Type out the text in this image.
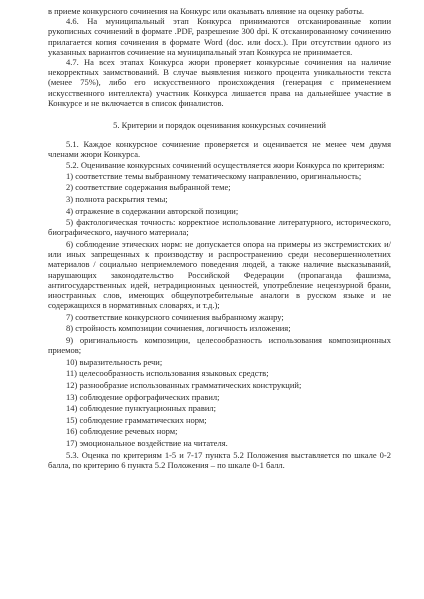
в приеме конкурсного сочинения на Конкурс или оказывать влияние на оценку работы.

4.6. На муниципальный этап Конкурса принимаются отсканированные копии рукописных сочинений в формате .PDF, разрешение 300 dpi. К отсканированному сочинению прилагается копия сочинения в формате Word (doc. или docx.). При отсутствии одного из указанных вариантов сочинение на муниципальный этап Конкурса не принимается.

4.7. На всех этапах Конкурса жюри проверяет конкурсные сочинения на наличие некорректных заимствований. В случае выявления низкого процента уникальности текста (менее 75%), либо его искусственного происхождения (генерация с применением искусственного интеллекта) участник Конкурса лишается права на дальнейшее участие в Конкурсе и не включается в список финалистов.

5. Критерии и порядок оценивания конкурсных сочинений

5.1. Каждое конкурсное сочинение проверяется и оценивается не менее чем двумя членами жюри Конкурса.

5.2. Оценивание конкурсных сочинений осуществляется жюри Конкурса по критериям:

1) соответствие темы выбранному тематическому направлению, оригинальность;
2) соответствие содержания выбранной теме;
3) полнота раскрытия темы;
4) отражение в содержании авторской позиции;
5) фактологическая точность: корректное использование литературного, исторического, биографического, научного материала;
6) соблюдение этических норм: не допускается опора на примеры из экстремистских и/или иных запрещенных к производству и распространению среди несовершеннолетних материалов / социально неприемлемого поведения людей, а также наличие высказываний, нарушающих законодательство Российской Федерации (пропаганда фашизма, антигосударственных идей, нетрадиционных ценностей, употребление нецензурной брани, иностранных слов, имеющих общеупотребительные аналоги в русском языке и не содержащихся в нормативных словарях, и т.д.);
7) соответствие конкурсного сочинения выбранному жанру;
8) стройность композиции сочинения, логичность изложения;
9) оригинальность композиции, целесообразность использования композиционных приемов;
10) выразительность речи;
11) целесообразность использования языковых средств;
12) разнообразие использованных грамматических конструкций;
13) соблюдение орфографических правил;
14) соблюдение пунктуационных правил;
15) соблюдение грамматических норм;
16) соблюдение речевых норм;
17) эмоциональное воздействие на читателя.

5.3. Оценка по критериям 1-5 и 7-17 пункта 5.2 Положения выставляется по шкале 0-2 балла, по критерию 6 пункта 5.2 Положения – по шкале 0-1 балл.
